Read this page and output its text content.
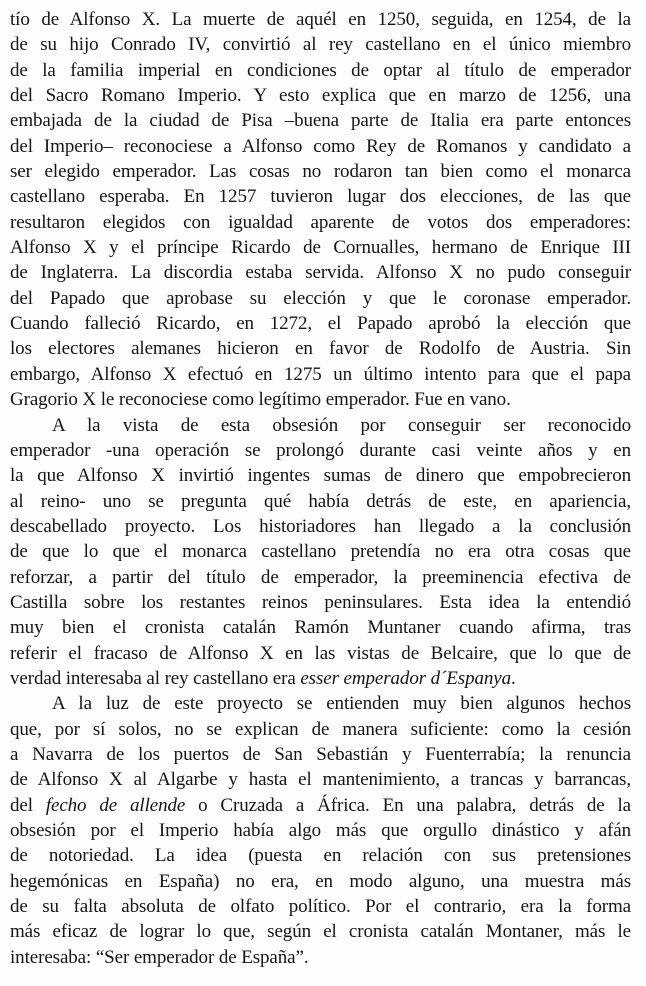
tío de Alfonso X. La muerte de aquél en 1250, seguida, en 1254, de la
de su hijo Conrado IV, convirtió al rey castellano en el único miembro
de la familia imperial en condiciones de optar al título de emperador
del Sacro Romano Imperio. Y esto explica que en marzo de 1256, una
embajada de la ciudad de Pisa –buena parte de Italia era parte entonces
del Imperio– reconociese a Alfonso como Rey de Romanos y candidato a
ser elegido emperador. Las cosas no rodaron tan bien como el monarca
castellano esperaba. En 1257 tuvieron lugar dos elecciones, de las que
resultaron elegidos con igualdad aparente de votos dos emperadores:
Alfonso X y el príncipe Ricardo de Cornualles, hermano de Enrique III
de Inglaterra. La discordia estaba servida. Alfonso X no pudo conseguir
del Papado que aprobase su elección y que le coronase emperador.
Cuando falleció Ricardo, en 1272, el Papado aprobó la elección que
los electores alemanes hicieron en favor de Rodolfo de Austria. Sin
embargo, Alfonso X efectuó en 1275 un último intento para que el papa
Gragorio X le reconociese como legítimo emperador. Fue en vano.
A la vista de esta obsesión por conseguir ser reconocido
emperador -una operación se prolongó durante casi veinte años y en
la que Alfonso X invirtió ingentes sumas de dinero que empobrecieron
al reino- uno se pregunta qué había detrás de este, en apariencia,
descabellado proyecto. Los historiadores han llegado a la conclusión
de que lo que el monarca castellano pretendía no era otra cosas que
reforzar, a partir del título de emperador, la preeminencia efectiva de
Castilla sobre los restantes reinos peninsulares. Esta idea la entendió
muy bien el cronista catalán Ramón Muntaner cuando afirma, tras
referir el fracaso de Alfonso X en las vistas de Belcaire, que lo que de
verdad interesaba al rey castellano era esser emperador d´Espanya.
A la luz de este proyecto se entienden muy bien algunos hechos
que, por sí solos, no se explican de manera suficiente: como la cesión
a Navarra de los puertos de San Sebastián y Fuenterrabía; la renuncia
de Alfonso X al Algarbe y hasta el mantenimiento, a trancas y barrancas,
del fecho de allende o Cruzada a África. En una palabra, detrás de la
obsesión por el Imperio había algo más que orgullo dinástico y afán
de notoriedad. La idea (puesta en relación con sus pretensiones
hegemónicas en España) no era, en modo alguno, una muestra más
de su falta absoluta de olfato político. Por el contrario, era la forma
más eficaz de lograr lo que, según el cronista catalán Montaner, más le
interesaba: “Ser emperador de España”.
